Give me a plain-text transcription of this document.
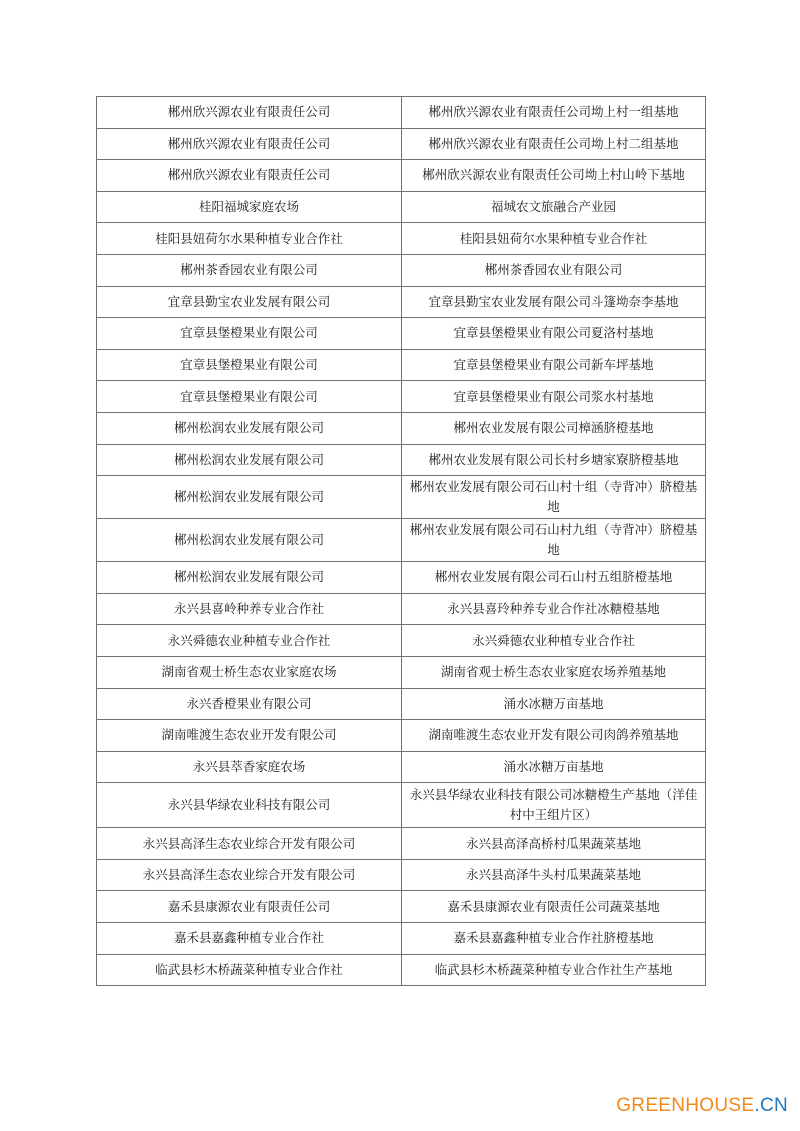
郴州欣兴源农业有限责任公司	郴州欣兴源农业有限责任公司坳上村一组基地
郴州欣兴源农业有限责任公司	郴州欣兴源农业有限责任公司坳上村二组基地
郴州欣兴源农业有限责任公司	郴州欣兴源农业有限责任公司坳上村山岭下基地
桂阳福城家庭农场	福城农文旅融合产业园
桂阳县妞荷尔水果种植专业合作社	桂阳县妞荷尔水果种植专业合作社
郴州茶香园农业有限公司	郴州茶香园农业有限公司
宜章县勤宝农业发展有限公司	宜章县勤宝农业发展有限公司斗篷坳奈李基地
宜章县堡橙果业有限公司	宜章县堡橙果业有限公司夏洛村基地
宜章县堡橙果业有限公司	宜章县堡橙果业有限公司新车坪基地
宜章县堡橙果业有限公司	宜章县堡橙果业有限公司浆水村基地
郴州松润农业发展有限公司	郴州农业发展有限公司樟涵脐橙基地
郴州松润农业发展有限公司	郴州农业发展有限公司长村乡塘家寮脐橙基地
郴州松润农业发展有限公司	郴州农业发展有限公司石山村十组（寺背冲）脐橙基地
郴州松润农业发展有限公司	郴州农业发展有限公司石山村九组（寺背冲）脐橙基地
郴州松润农业发展有限公司	郴州农业发展有限公司石山村五组脐橙基地
永兴县喜岭种养专业合作社	永兴县喜玲种养专业合作社冰糖橙基地
永兴舜德农业种植专业合作社	永兴舜德农业种植专业合作社
湖南省观士桥生态农业家庭农场	湖南省观士桥生态农业家庭农场养殖基地
永兴香橙果业有限公司	涌水冰糖万亩基地
湖南唯渡生态农业开发有限公司	湖南唯渡生态农业开发有限公司肉鸽养殖基地
永兴县萃香家庭农场	涌水冰糖万亩基地
永兴县华绿农业科技有限公司	永兴县华绿农业科技有限公司冰糖橙生产基地（洋佳村中王组片区）
永兴县高泽生态农业综合开发有限公司	永兴县高泽高桥村瓜果蔬菜基地
永兴县高泽生态农业综合开发有限公司	永兴县高泽牛头村瓜果蔬菜基地
嘉禾县康源农业有限责任公司	嘉禾县康源农业有限责任公司蔬菜基地
嘉禾县嘉鑫种植专业合作社	嘉禾县嘉鑫种植专业合作社脐橙基地
临武县杉木桥蔬菜种植专业合作社	临武县杉木桥蔬菜种植专业合作社生产基地
GREENHOUSE.CN
